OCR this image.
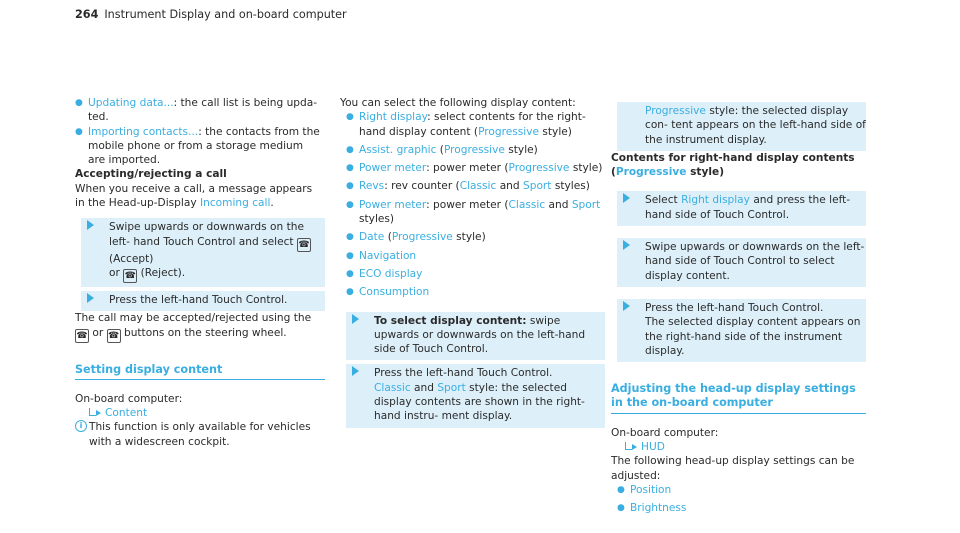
264 Instrument Display and on-board computer
● Updating data...: the call list is being upda- ted.
● Importing contacts...: the contacts from the mobile phone or from a storage medium are imported.

Accepting/rejecting a call

When you receive a call, a message appears in the Head-up-Display Incoming call.

Swipe upwards or downwards on the left- hand Touch Control and select ☎ (Accept)
or ☎ (Reject).
Press the left-hand Touch Control.

The call may be accepted/rejected using the
☎ or ☎ buttons on the steering wheel.

Setting display content

On-board computer:

Content
i This function is only available for vehicles with a widescreen cockpit.

You can select the following display content:

● Right display: select contents for the right- hand display content (Progressive style)
● Assist. graphic (Progressive style)
● Power meter: power meter (Progressive style)
● Revs: rev counter (Classic and Sport styles)
● Power meter: power meter (Classic and Sport styles)
● Date (Progressive style)
● Navigation
● ECO display
● Consumption
To select display content: swipe upwards or downwards on the left-hand side of Touch Control.
Press the left-hand Touch Control.
Classic and Sport style: the selected display contents are shown in the right-hand instru- ment display.
Progressive style: the selected display con- tent appears on the left-hand side of the instrument display.

Contents for right-hand display contents
(Progressive style)

Select Right display and press the left-hand side of Touch Control.
Swipe upwards or downwards on the left- hand side of Touch Control to select display content.
Press the left-hand Touch Control.
The selected display content appears on the right-hand side of the instrument display.
Adjusting the head-up display settings in the on-board computer

On-board computer:

HUD

The following head-up display settings can be adjusted:

● Position
● Brightness
